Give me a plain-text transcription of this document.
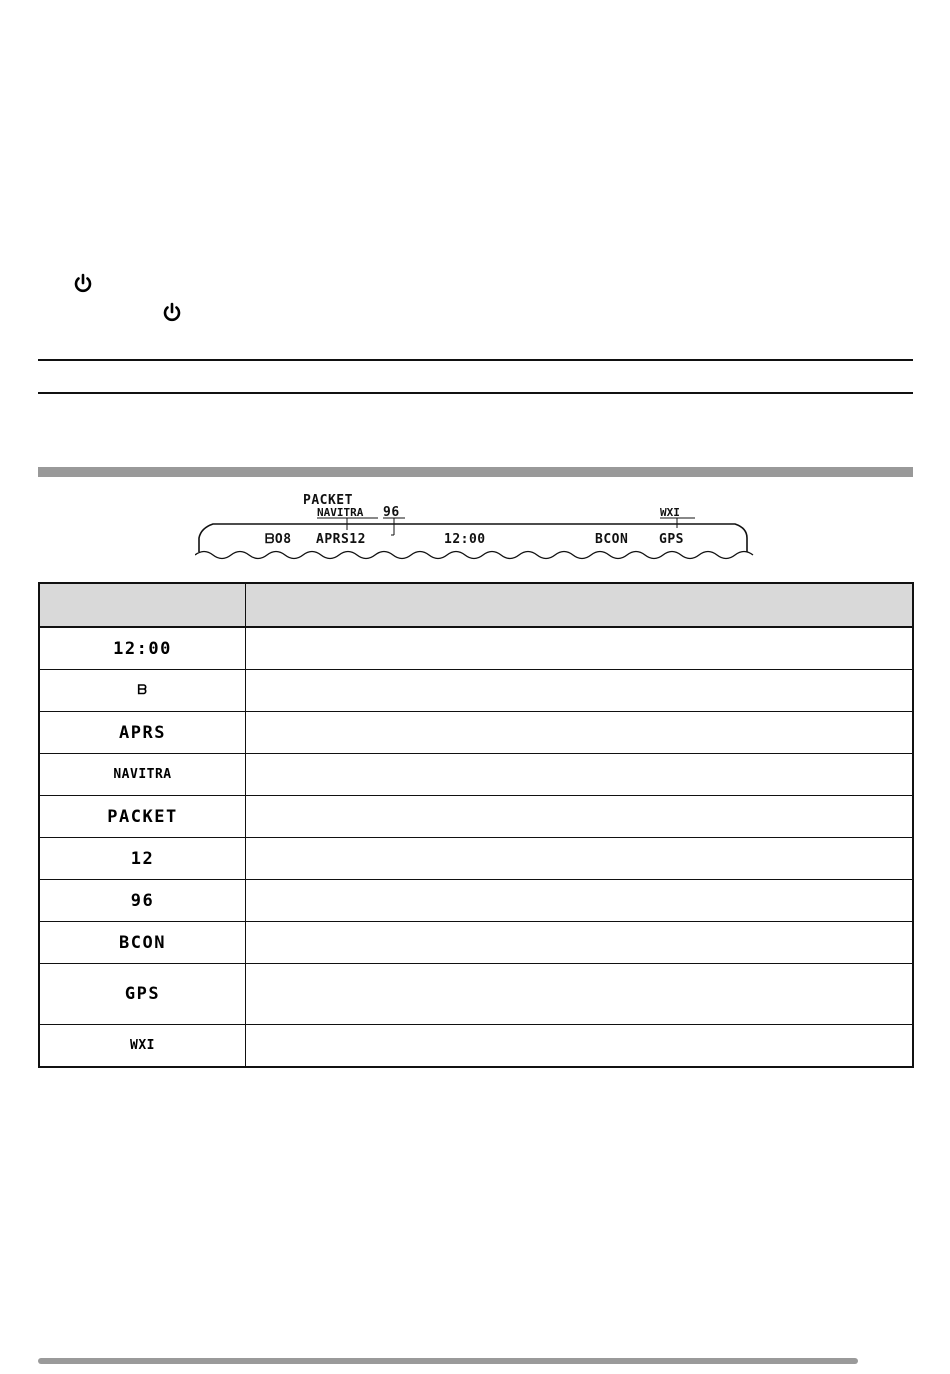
PACKET
NAVITRA 96	WXI
ᗷO8 APRS12	12:00	BCON GPS

12:00	
ᗷ	
APRS	
NAVITRA	
PACKET	
12	
96	
BCON	
GPS	
WXI	
